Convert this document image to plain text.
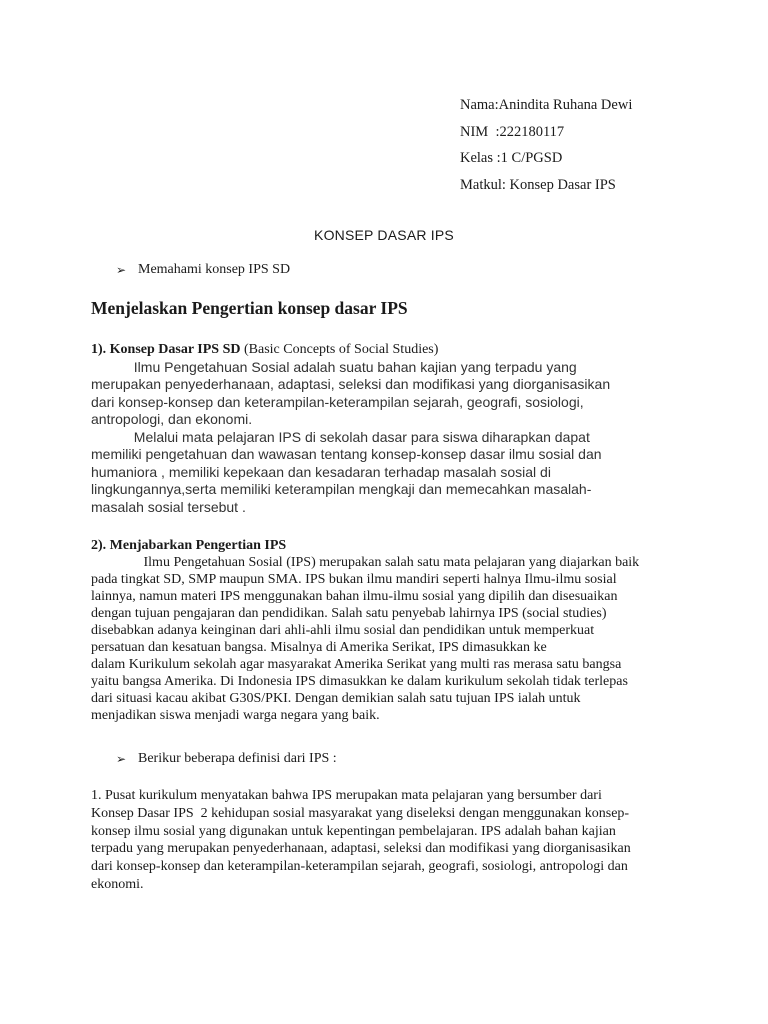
Nama:Anindita Ruhana Dewi
NIM  :222180117
Kelas :1 C/PGSD
Matkul: Konsep Dasar IPS
KONSEP DASAR IPS
➢ Memahami konsep IPS SD
Menjelaskan Pengertian konsep dasar IPS
1). Konsep Dasar IPS SD (Basic Concepts of Social Studies)
Ilmu Pengetahuan Sosial adalah suatu bahan kajian yang terpadu yang
merupakan penyederhanaan, adaptasi, seleksi dan modifikasi yang diorganisasikan
dari konsep-konsep dan keterampilan-keterampilan sejarah, geografi, sosiologi,
antropologi, dan ekonomi.
Melalui mata pelajaran IPS di sekolah dasar para siswa diharapkan dapat
memiliki pengetahuan dan wawasan tentang konsep-konsep dasar ilmu sosial dan
humaniora , memiliki kepekaan dan kesadaran terhadap masalah sosial di
lingkungannya,serta memiliki keterampilan mengkaji dan memecahkan masalah-
masalah sosial tersebut .
2). Menjabarkan Pengertian IPS
Ilmu Pengetahuan Sosial (IPS) merupakan salah satu mata pelajaran yang diajarkan baik
pada tingkat SD, SMP maupun SMA. IPS bukan ilmu mandiri seperti halnya Ilmu-ilmu sosial
lainnya, namun materi IPS menggunakan bahan ilmu-ilmu sosial yang dipilih dan disesuaikan
dengan tujuan pengajaran dan pendidikan. Salah satu penyebab lahirnya IPS (social studies)
disebabkan adanya keinginan dari ahli-ahli ilmu sosial dan pendidikan untuk memperkuat
persatuan dan kesatuan bangsa. Misalnya di Amerika Serikat, IPS dimasukkan ke
dalam Kurikulum sekolah agar masyarakat Amerika Serikat yang multi ras merasa satu bangsa
yaitu bangsa Amerika. Di Indonesia IPS dimasukkan ke dalam kurikulum sekolah tidak terlepas
dari situasi kacau akibat G30S/PKI. Dengan demikian salah satu tujuan IPS ialah untuk
menjadikan siswa menjadi warga negara yang baik.
➢ Berikur beberapa definisi dari IPS :
1. Pusat kurikulum menyatakan bahwa IPS merupakan mata pelajaran yang bersumber dari
Konsep Dasar IPS  2 kehidupan sosial masyarakat yang diseleksi dengan menggunakan konsep-
konsep ilmu sosial yang digunakan untuk kepentingan pembelajaran. IPS adalah bahan kajian
terpadu yang merupakan penyederhanaan, adaptasi, seleksi dan modifikasi yang diorganisasikan
dari konsep-konsep dan keterampilan-keterampilan sejarah, geografi, sosiologi, antropologi dan
ekonomi.
